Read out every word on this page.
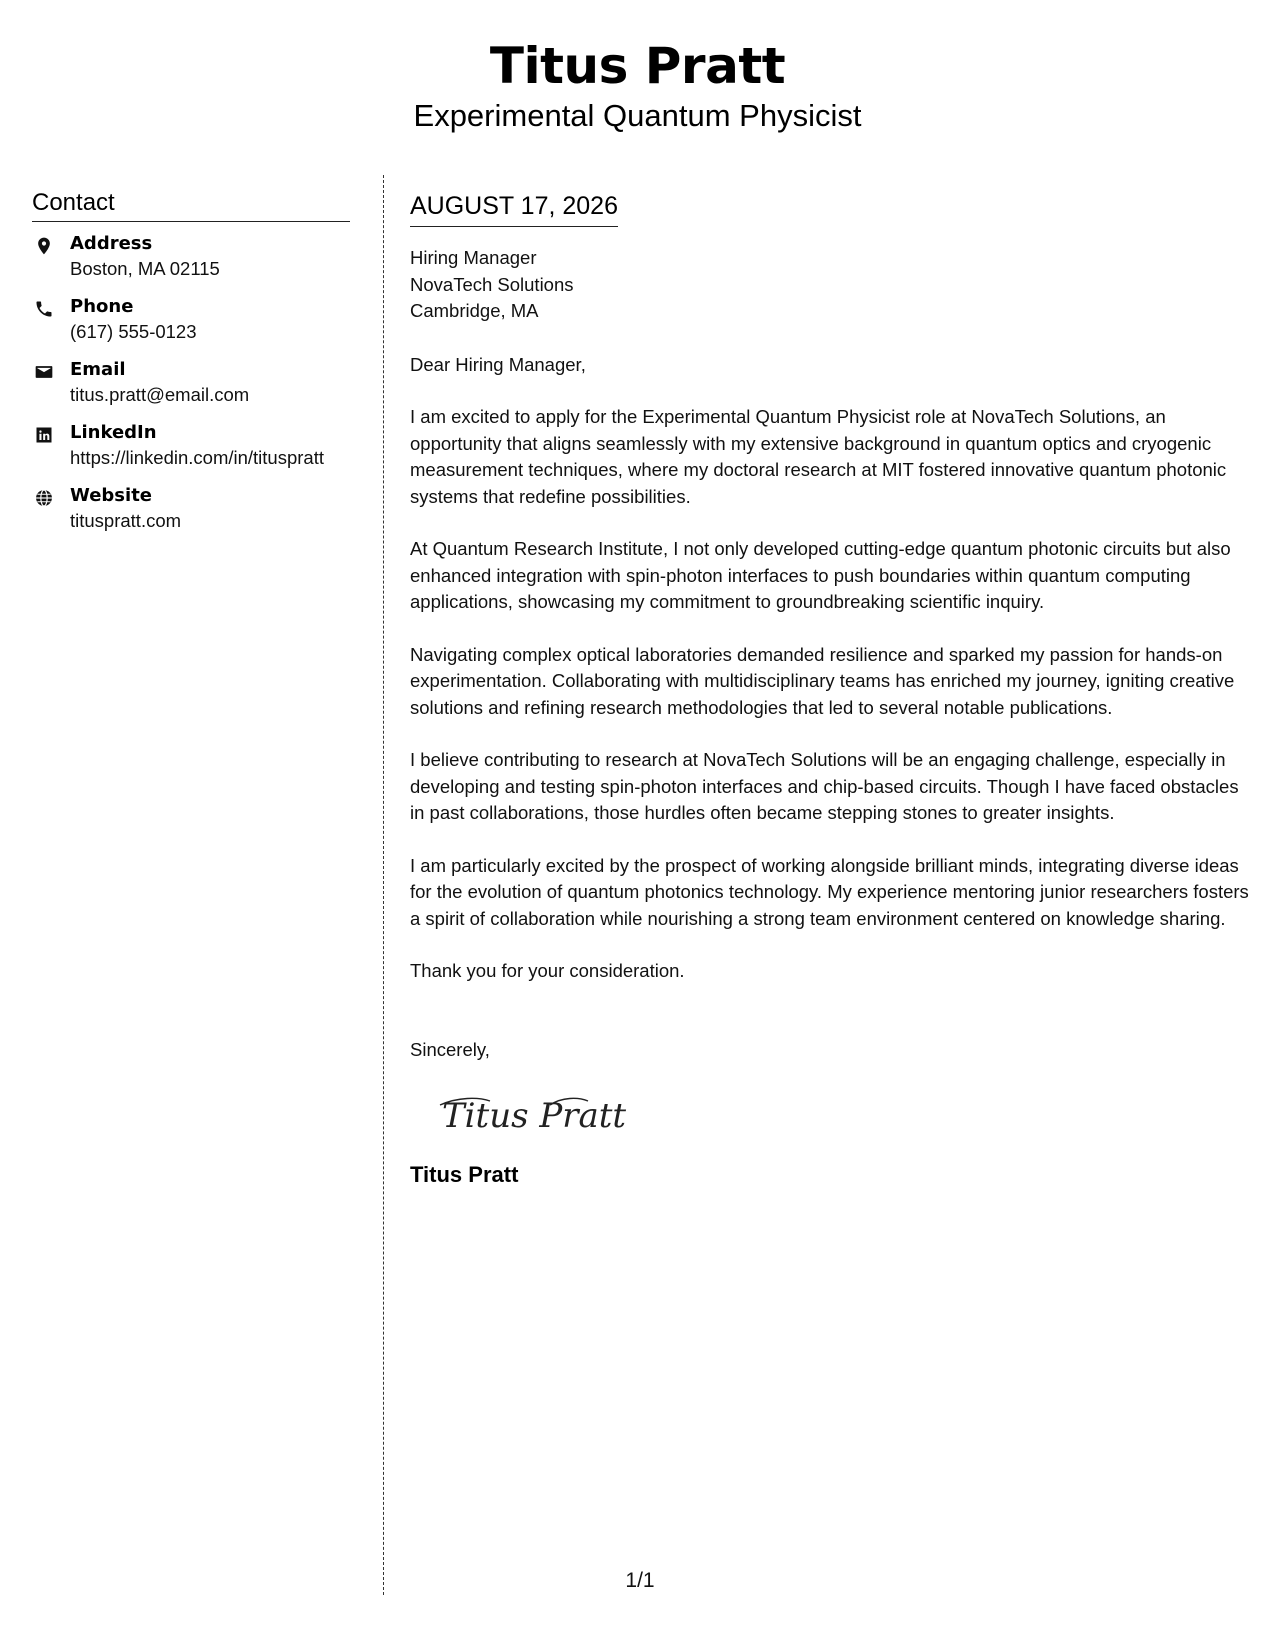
Titus Pratt
Experimental Quantum Physicist
Contact
Address
Boston, MA 02115
Phone
(617) 555-0123
Email
titus.pratt@email.com
LinkedIn
https://linkedin.com/in/tituspratt
Website
tituspratt.com
AUGUST 17, 2026
Hiring Manager
NovaTech Solutions
Cambridge, MA
Dear Hiring Manager,
I am excited to apply for the Experimental Quantum Physicist role at NovaTech Solutions, an opportunity that aligns seamlessly with my extensive background in quantum optics and cryogenic measurement techniques, where my doctoral research at MIT fostered innovative quantum photonic systems that redefine possibilities.
At Quantum Research Institute, I not only developed cutting-edge quantum photonic circuits but also enhanced integration with spin-photon interfaces to push boundaries within quantum computing applications, showcasing my commitment to groundbreaking scientific inquiry.
Navigating complex optical laboratories demanded resilience and sparked my passion for hands-on experimentation. Collaborating with multidisciplinary teams has enriched my journey, igniting creative solutions and refining research methodologies that led to several notable publications.
I believe contributing to research at NovaTech Solutions will be an engaging challenge, especially in developing and testing spin-photon interfaces and chip-based circuits. Though I have faced obstacles in past collaborations, those hurdles often became stepping stones to greater insights.
I am particularly excited by the prospect of working alongside brilliant minds, integrating diverse ideas for the evolution of quantum photonics technology. My experience mentoring junior researchers fosters a spirit of collaboration while nourishing a strong team environment centered on knowledge sharing.
Thank you for your consideration.
Sincerely,
Titus Pratt
Titus Pratt
1/1
